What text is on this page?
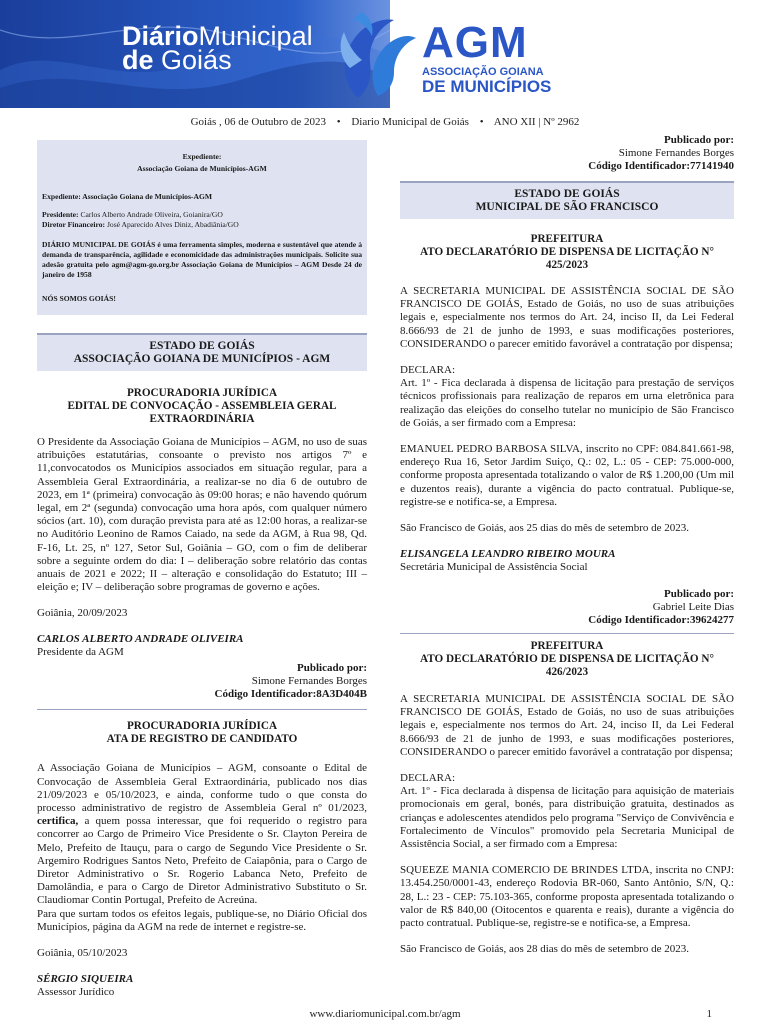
DiárioMunicipal
de Goiás	AGM
ASSOCIAÇÃO GOIANA
DE MUNICÍPIOS
Goiás , 06 de Outubro de 2023 • Diario Municipal de Goiás • ANO XII | Nº 2962
Expediente:
Associação Goiana de Municípios-AGM

Expediente: Associação Goiana de Municípios-AGM

Presidente: Carlos Alberto Andrade Oliveira, Goianira/GO

Diretor Financeiro: José Aparecido Alves Diniz, Abadiânia/GO

DIÁRIO MUNICIPAL DE GOIÁS é uma ferramenta simples, moderna e sustentável que atende à demanda de transparência, agilidade e economicidade das administrações municipais. Solicite sua adesão gratuita pelo agm@agm-go.org.br Associação Goiana de Municípios – AGM Desde 24 de janeiro de 1958

NÓS SOMOS GOIÁS!

ESTADO DE GOIÁS
ASSOCIAÇÃO GOIANA DE MUNICÍPIOS - AGM
PROCURADORIA JURÍDICA
EDITAL DE CONVOCAÇÃO - ASSEMBLEIA GERAL
EXTRAORDINÁRIA
O Presidente da Associação Goiana de Municípios – AGM, no uso de suas atribuições estatutárias, consoante o previsto nos artigos 7º e 11,convocatodos os Municípios associados em situação regular, para a Assembleia Geral Extraordinária, a realizar-se no dia 6 de outubro de 2023, em 1ª (primeira) convocação às 09:00 horas; e não havendo quórum legal, em 2ª (segunda) convocação uma hora após, com qualquer número sócios (art. 10), com duração prevista para até as 12:00 horas, a realizar-se no Auditório Leonino de Ramos Caiado, na sede da AGM, à Rua 98, Qd. F-16, Lt. 25, nº 127, Setor Sul, Goiânia – GO, com o fim de deliberar sobre a seguinte ordem do dia: I – deliberação sobre relatório das contas anuais de 2021 e 2022; II – alteração e consolidação do Estatuto; III – eleição e; IV – deliberação sobre programas de governo e ações.
Goiânia, 20/09/2023
CARLOS ALBERTO ANDRADE OLIVEIRA
Presidente da AGM
Publicado por:
Simone Fernandes Borges
Código Identificador:8A3D404B
PROCURADORIA JURÍDICA
ATA DE REGISTRO DE CANDIDATO
A Associação Goiana de Municípios – AGM, consoante o Edital de Convocação de Assembleia Geral Extraordinária, publicado nos dias 21/09/2023 e 05/10/2023, e ainda, conforme tudo o que consta do processo administrativo de registro de Assembleia Geral nº 01/2023, certifica, a quem possa interessar, que foi requerido o registro para concorrer ao Cargo de Primeiro Vice Presidente o Sr. Clayton Pereira de Melo, Prefeito de Itauçu, para o cargo de Segundo Vice Presidente o Sr. Argemiro Rodrigues Santos Neto, Prefeito de Caiapônia, para o Cargo de Diretor Administrativo o Sr. Rogerio Labanca Neto, Prefeito de Damolândia, e para o Cargo de Diretor Administrativo Substituto o Sr. Claudiomar Contin Portugal, Prefeito de Acreúna.
Para que surtam todos os efeitos legais, publique-se, no Diário Oficial dos Municípios, página da AGM na rede de internet e registre-se.
Goiânia, 05/10/2023
SÉRGIO SIQUEIRA
Assessor Jurídico
Publicado por:
Simone Fernandes Borges
Código Identificador:77141940
ESTADO DE GOIÁS
MUNICIPAL DE SÃO FRANCISCO
PREFEITURA
ATO DECLARATÓRIO DE DISPENSA DE LICITAÇÃO N°
425/2023
A SECRETARIA MUNICIPAL DE ASSISTÊNCIA SOCIAL DE SÃO FRANCISCO DE GOIÁS, Estado de Goiás, no uso de suas atribuições legais e, especialmente nos termos do Art. 24, inciso II, da Lei Federal 8.666/93 de 21 de junho de 1993, e suas modificações posteriores, CONSIDERANDO o parecer emitido favorável a contratação por dispensa;
DECLARA:
Art. 1º - Fica declarada à dispensa de licitação para prestação de serviços técnicos profissionais para realização de reparos em urna eletrônica para realização das eleições do conselho tutelar no município de São Francisco de Goiás, a ser firmado com a Empresa:
EMANUEL PEDRO BARBOSA SILVA, inscrito no CPF: 084.841.661-98, endereço Rua 16, Setor Jardim Suiço, Q.: 02, L.: 05 - CEP: 75.000-000, conforme proposta apresentada totalizando o valor de R$ 1.200,00 (Um mil e duzentos reais), durante a vigência do pacto contratual. Publique-se, registre-se e notifica-se, a Empresa.
São Francisco de Goiás, aos 25 dias do mês de setembro de 2023.
ELISANGELA LEANDRO RIBEIRO MOURA
Secretária Municipal de Assistência Social
Publicado por:
Gabriel Leite Dias
Código Identificador:39624277
PREFEITURA
ATO DECLARATÓRIO DE DISPENSA DE LICITAÇÃO N°
426/2023
A SECRETARIA MUNICIPAL DE ASSISTÊNCIA SOCIAL DE SÃO FRANCISCO DE GOIÁS, Estado de Goiás, no uso de suas atribuições legais e, especialmente nos termos do Art. 24, inciso II, da Lei Federal 8.666/93 de 21 de junho de 1993, e suas modificações posteriores, CONSIDERANDO o parecer emitido favorável a contratação por dispensa;
DECLARA:
Art. 1º - Fica declarada à dispensa de licitação para aquisição de materiais promocionais em geral, bonés, para distribuição gratuita, destinados as crianças e adolescentes atendidos pelo programa "Serviço de Convivência e Fortalecimento de Vínculos" promovido pela Secretaria Municipal de Assistência Social, a ser firmado com a Empresa:
SQUEEZE MANIA COMERCIO DE BRINDES LTDA, inscrita no CNPJ: 13.454.250/0001-43, endereço Rodovia BR-060, Santo Antônio, S/N, Q.: 28, L.: 23 - CEP: 75.103-365, conforme proposta apresentada totalizando o valor de R$ 840,00 (Oitocentos e quarenta e reais), durante a vigência do pacto contratual. Publique-se, registre-se e notifica-se, a Empresa.
São Francisco de Goiás, aos 28 dias do mês de setembro de 2023.
www.diariomunicipal.com.br/agm	1
